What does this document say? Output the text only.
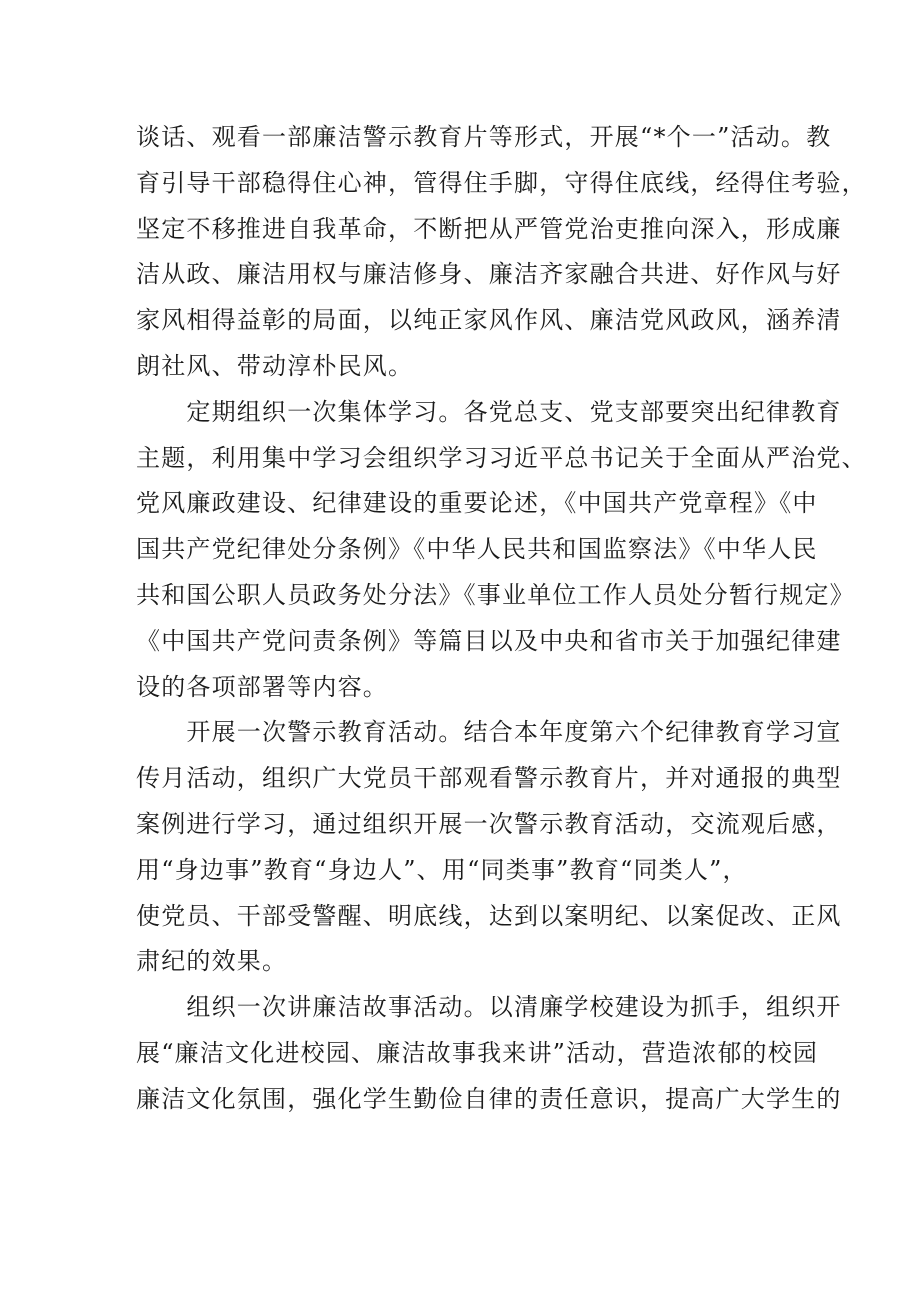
谈话、观看一部廉洁警示教育片等形式，开展“*个一”活动。教
育引导干部稳得住心神，管得住手脚，守得住底线，经得住考验，
坚定不移推进自我革命，不断把从严管党治吏推向深入，形成廉
洁从政、廉洁用权与廉洁修身、廉洁齐家融合共进、好作风与好
家风相得益彰的局面，以纯正家风作风、廉洁党风政风，涵养清
朗社风、带动淳朴民风。
　　定期组织一次集体学习。各党总支、党支部要突出纪律教育
主题，利用集中学习会组织学习习近平总书记关于全面从严治党、
党风廉政建设、纪律建设的重要论述，《中国共产党章程》《中
国共产党纪律处分条例》《中华人民共和国监察法》《中华人民
共和国公职人员政务处分法》《事业单位工作人员处分暂行规定》
《中国共产党问责条例》等篇目以及中央和省市关于加强纪律建
设的各项部署等内容。
　　开展一次警示教育活动。结合本年度第六个纪律教育学习宣
传月活动，组织广大党员干部观看警示教育片，并对通报的典型
案例进行学习，通过组织开展一次警示教育活动，交流观后感，
用“身边事”教育“身边人”、用“同类事”教育“同类人”，
使党员、干部受警醒、明底线，达到以案明纪、以案促改、正风
肃纪的效果。
　　组织一次讲廉洁故事活动。以清廉学校建设为抓手，组织开
展“廉洁文化进校园、廉洁故事我来讲”活动，营造浓郁的校园
廉洁文化氛围，强化学生勤俭自律的责任意识，提高广大学生的
